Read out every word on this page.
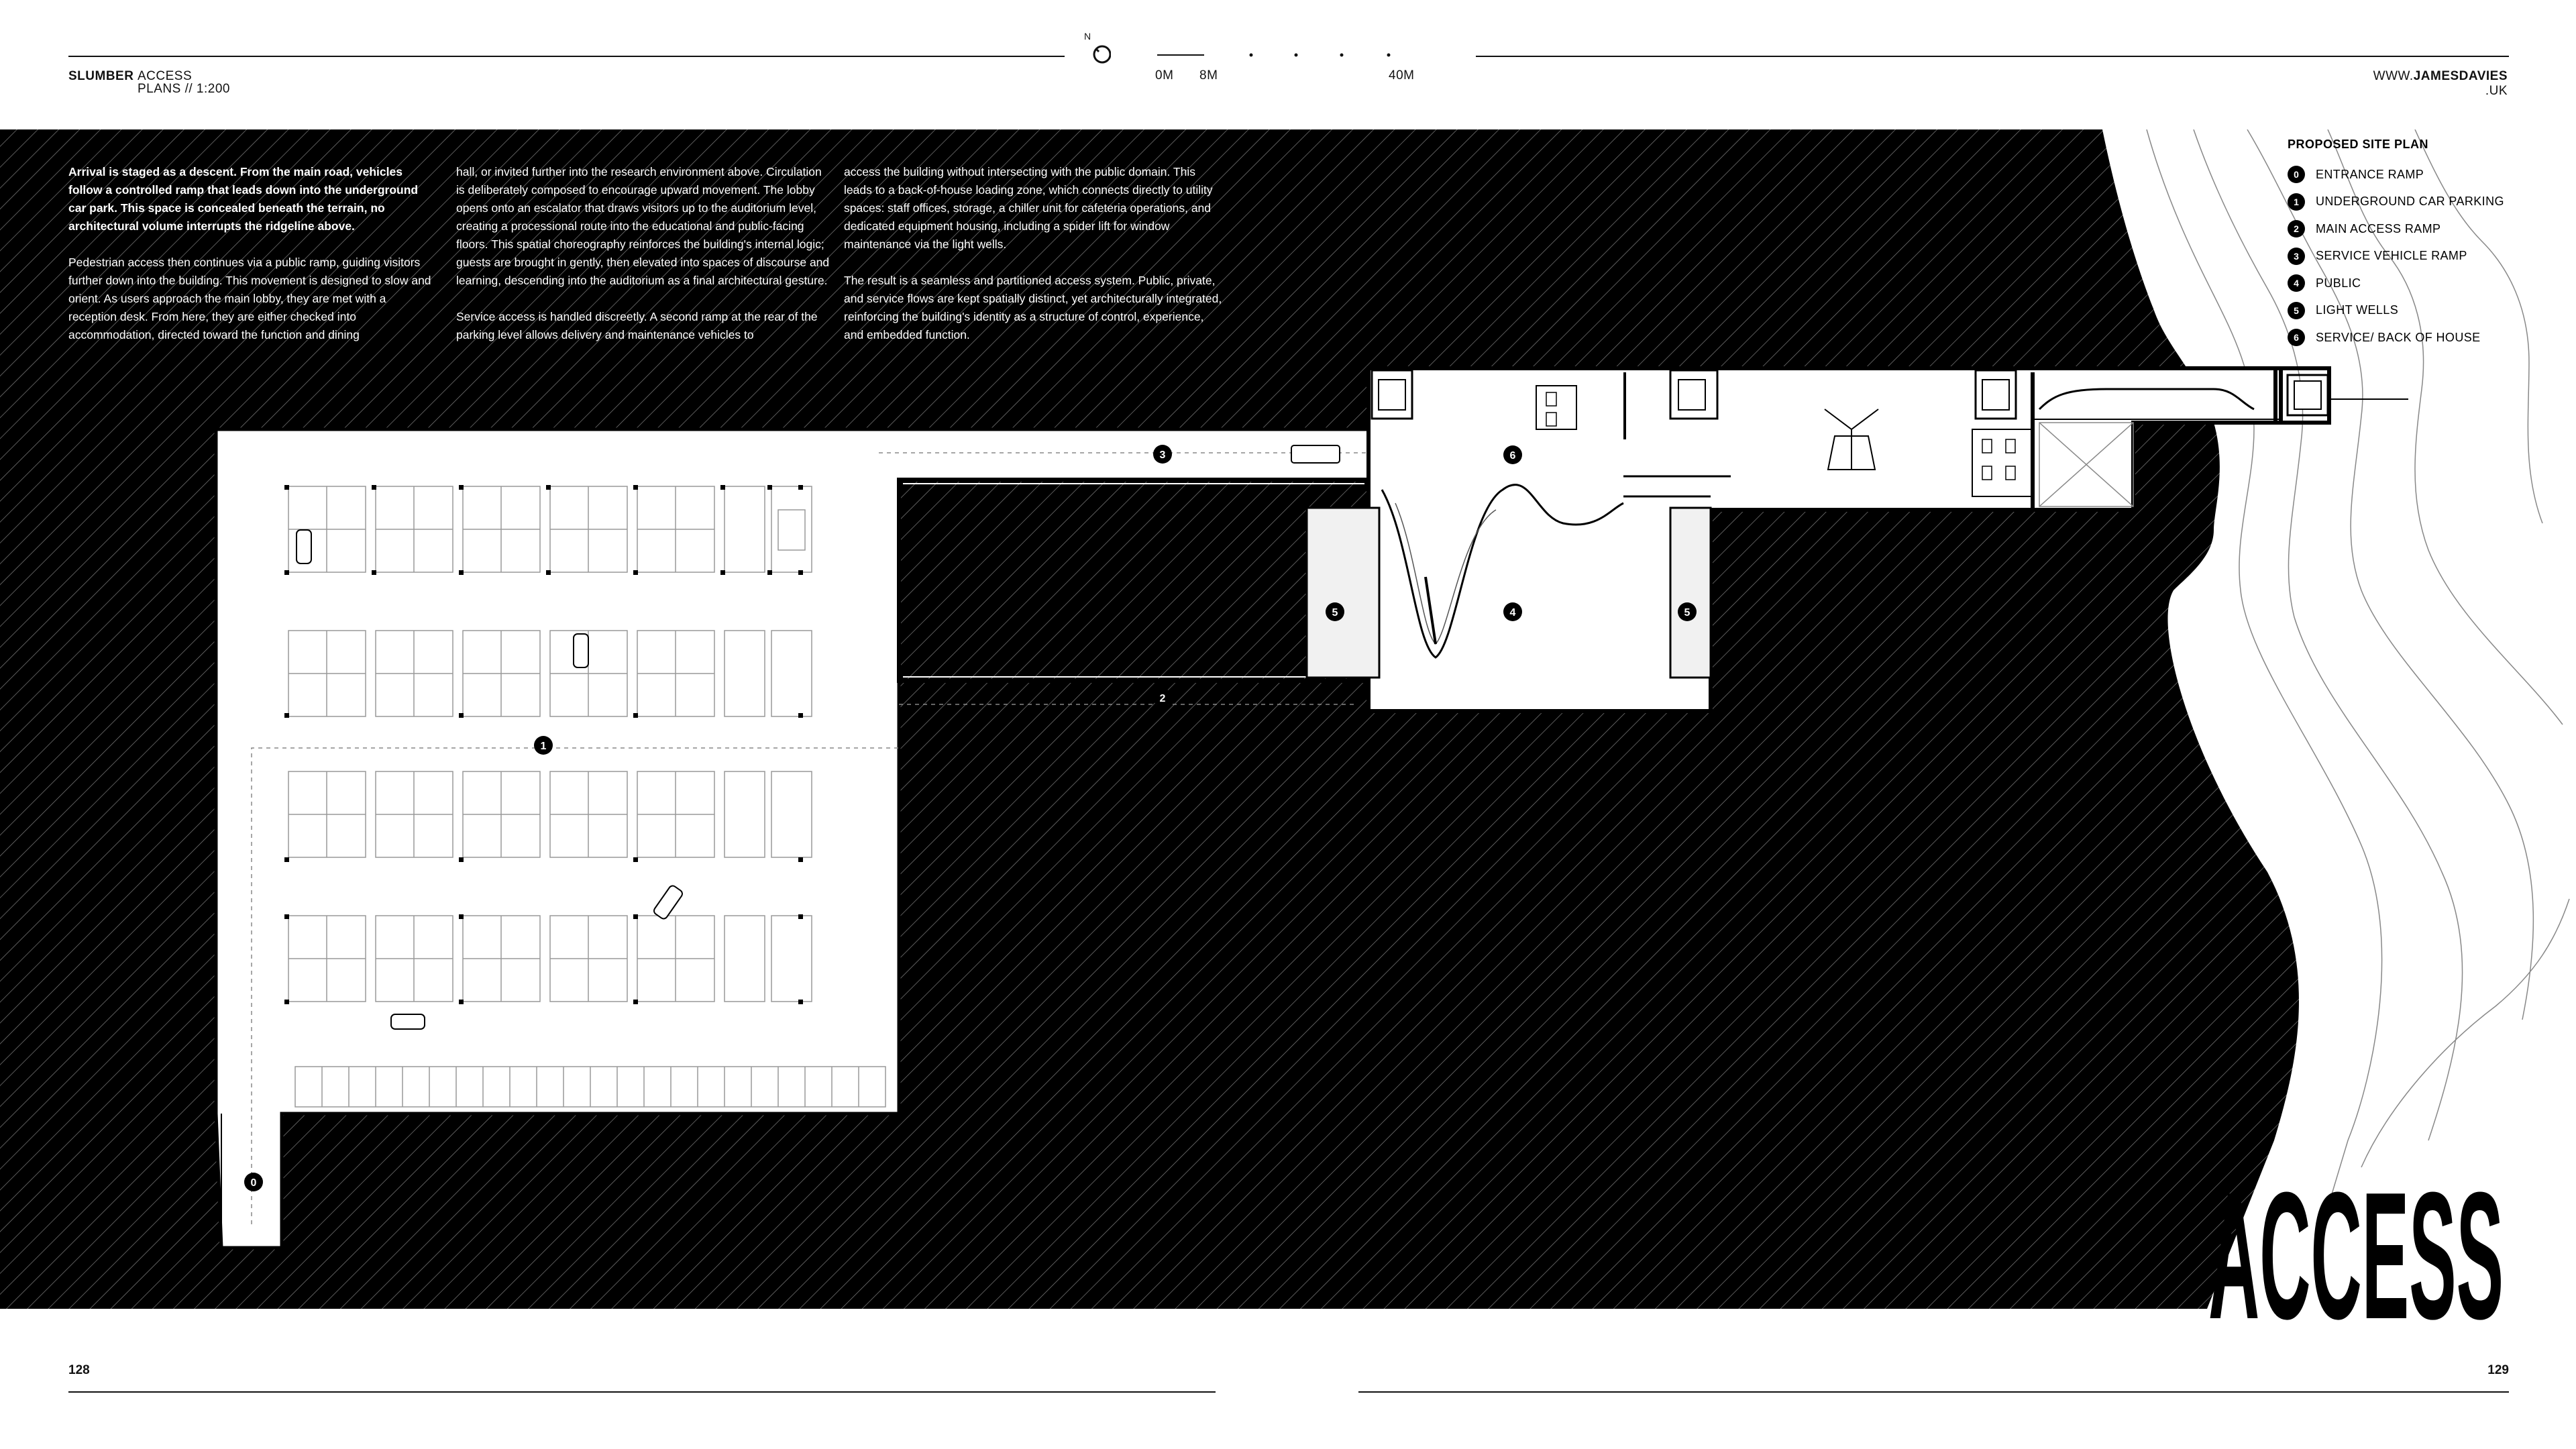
SLUMBER ACCESS
PLANS // 1:200
N
0M 8M	40M	WWW.JAMESDAVIES
.UK
0
1
2
3
4
5	5
6

Arrival is staged as a descent. From the main road, vehicles follow a controlled ramp that leads down into the underground car park. This space is concealed beneath the terrain, no architectural volume interrupts the ridgeline above.

Pedestrian access then continues via a public ramp, guiding visitors further down into the building. This movement is designed to slow and orient. As users approach the main lobby, they are met with a reception desk. From here, they are either checked into accommodation, directed toward the function and dining

hall, or invited further into the research environment above. Circulation is deliberately composed to encourage upward movement. The lobby opens onto an escalator that draws visitors up to the auditorium level, creating a processional route into the educational and public-facing floors. This spatial choreography reinforces the building's internal logic; guests are brought in gently, then elevated into spaces of discourse and learning, descending into the auditorium as a final architectural gesture.

Service access is handled discreetly. A second ramp at the rear of the parking level allows delivery and maintenance vehicles to

access the building without intersecting with the public domain. This leads to a back-of-house loading zone, which connects directly to utility spaces: staff offices, storage, a chiller unit for cafeteria operations, and dedicated equipment housing, including a spider lift for window maintenance via the light wells.

The result is a seamless and partitioned access system. Public, private, and service flows are kept spatially distinct, yet architecturally integrated, reinforcing the building's identity as a structure of control, experience, and embedded function.

PROPOSED SITE PLAN
0	ENTRANCE RAMP
1	UNDERGROUND CAR PARKING
2	MAIN ACCESS RAMP
3	SERVICE VEHICLE RAMP
4	PUBLIC
5	LIGHT WELLS
6	SERVICE/ BACK OF HOUSE
ACCESS
128	129
